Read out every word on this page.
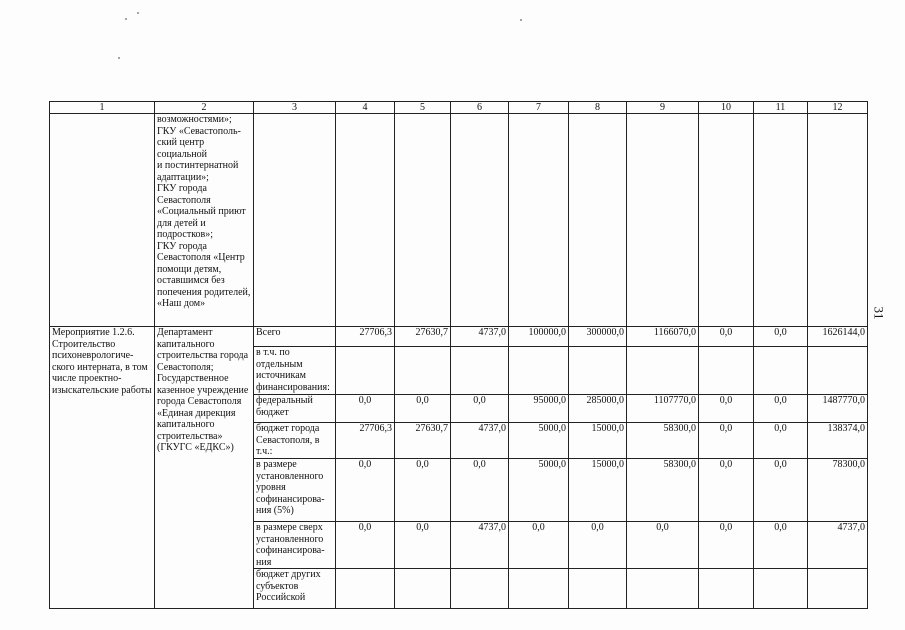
31
1	2	3	4	5	6	7	8	9	10	11	12
	возможностями»;
ГКУ «Севастополь-ский центр социальной
и постинтернатной адаптации»;
ГКУ города Севастополя «Социальный приют для детей и подростков»;
ГКУ города Севастополя «Центр помощи детям, оставшимся без попечения родителей, «Наш дом»										
Мероприятие 1.2.6. Строительство психоневрологиче-ского интерната, в том числе проектно-изыскательские работы	Департамент капитального строительства города Севастополя; Государственное казенное учреждение города Севастополя «Единая дирекция капитального строительства» (ГКУГС «ЕДКС»)	Всего	27706,3	27630,7	4737,0	100000,0	300000,0	1166070,0	0,0	0,0	1626144,0
		в т.ч. по отдельным источникам финансирования:									
		федеральный бюджет	0,0	0,0	0,0	95000,0	285000,0	1107770,0	0,0	0,0	1487770,0
		бюджет города Севастополя, в т.ч.:	27706,3	27630,7	4737,0	5000,0	15000,0	58300,0	0,0	0,0	138374,0
		в размере установленного уровня софинансирова-ния (5%)	0,0	0,0	0,0	5000,0	15000,0	58300,0	0,0	0,0	78300,0
		в размере сверх установленного софинансирова-ния	0,0	0,0	4737,0	0,0	0,0	0,0	0,0	0,0	4737,0
		бюджет других субъектов Российской									
